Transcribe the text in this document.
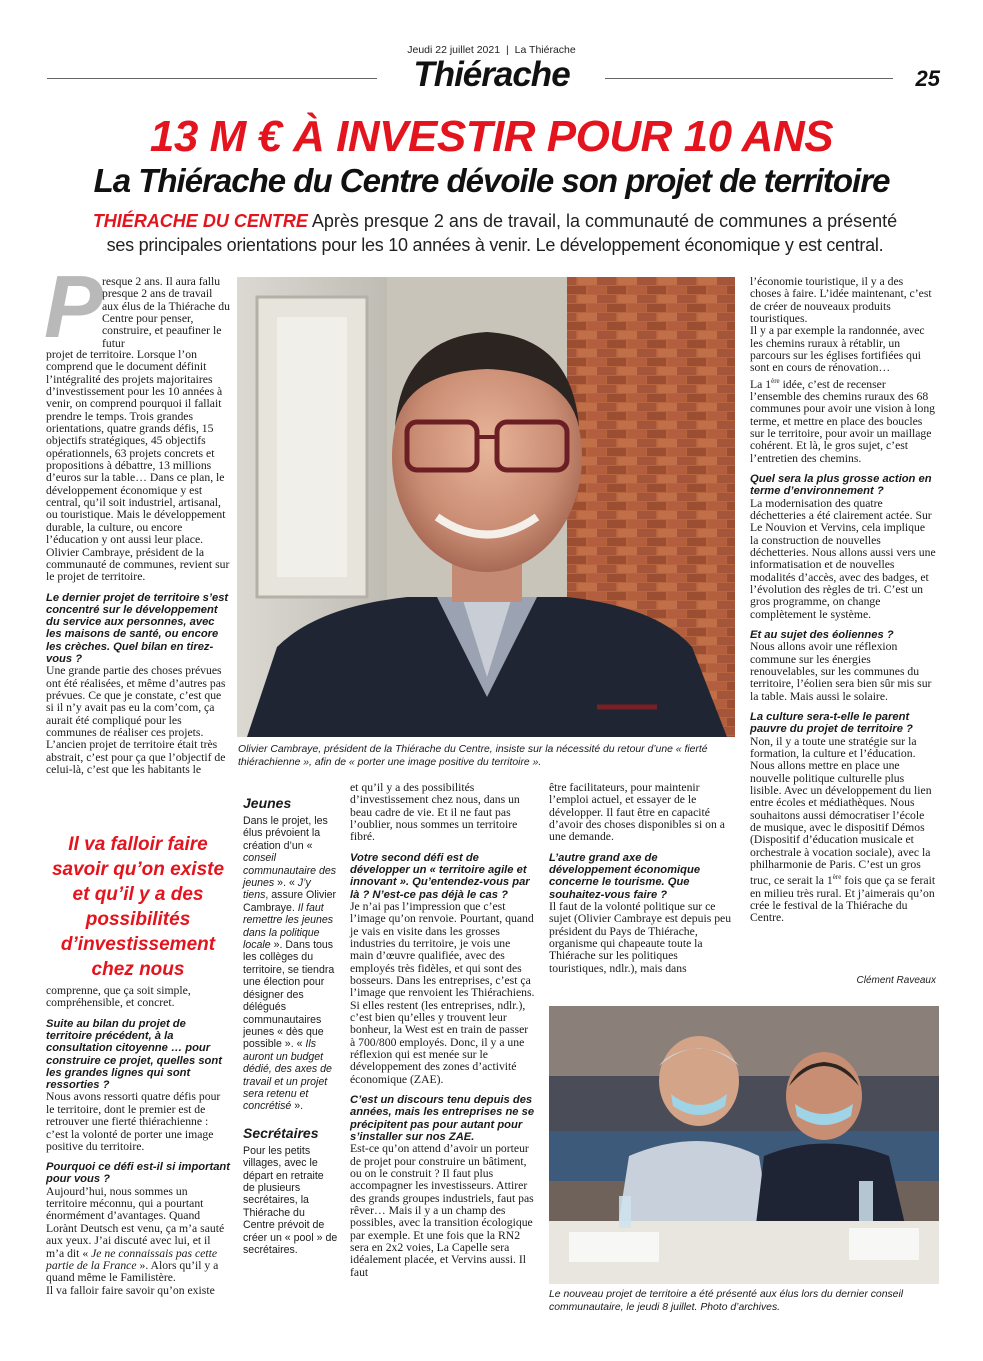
Jeudi 22 juillet 2021 | La Thiérache
Thiérache	25
13 M € À INVESTIR POUR 10 ANS
La Thiérache du Centre dévoile son projet de territoire
THIÉRACHE DU CENTRE Après presque 2 ans de travail, la communauté de communes a présenté
ses principales orientations pour les 10 années à venir. Le développement économique y est central.
P resque 2 ans. Il aura fallu presque 2 ans de travail aux élus de la Thiérache du Centre pour penser, construire, et peaufiner le futur

projet de territoire. Lorsque l’on comprend que le document définit l’intégralité des projets majoritaires d’investissement pour les 10 années à venir, on comprend pourquoi il fallait prendre le temps. Trois grandes orientations, quatre grands défis, 15 objectifs stratégiques, 45 objectifs opérationnels, 63 projets concrets et propositions à débattre, 13 millions d’euros sur la table… Dans ce plan, le développement économique y est central, qu’il soit industriel, artisanal, ou touristique. Mais le développement durable, la culture, ou encore l’éducation y ont aussi leur place. Olivier Cambraye, président de la communauté de communes, revient sur le projet de territoire.

Le dernier projet de territoire s’est concentré sur le développement du service aux personnes, avec les maisons de santé, ou encore les crèches. Quel bilan en tirez-vous ?

Une grande partie des choses prévues ont été réalisées, et même d’autres pas prévues. Ce que je constate, c’est que si il n’y avait pas eu la com’com, ça aurait été compliqué pour les communes de réaliser ces projets. L’ancien projet de territoire était très abstrait, c’est pour ça que l’objectif de celui-là, c’est que les habitants le

Il va falloir faire savoir qu’on existe et qu’il y a des possibilités d’investissement chez nous

comprenne, que ça soit simple, compréhensible, et concret.

Suite au bilan du projet de territoire précédent, à la consultation citoyenne … pour construire ce projet, quelles sont les grandes lignes qui sont ressorties ?

Nous avons ressorti quatre défis pour le territoire, dont le premier est de retrouver une fierté thiérachienne : c’est la volonté de porter une image positive du territoire.

Pourquoi ce défi est-il si important pour vous ?

Aujourd’hui, nous sommes un territoire méconnu, qui a pourtant énormément d’avantages. Quand Lorànt Deutsch est venu, ça m’a sauté aux yeux. J’ai discuté avec lui, et il m’a dit « Je ne connaissais pas cette partie de la France ». Alors qu’il y a quand même le Familistère.

Il va falloir faire savoir qu’on existe

Olivier Cambraye, président de la Thiérache du Centre, insiste sur la nécessité du retour d’une « fierté thiérachienne », afin de « porter une image positive du territoire ».
Jeunes
Dans le projet, les élus prévoient la création d’un « conseil communautaire des jeunes ». « J’y tiens, assure Olivier Cambraye. Il faut remettre les jeunes dans la politique locale ». Dans tous les collèges du territoire, se tiendra une élection pour désigner des délégués communautaires jeunes « dès que possible ». « Ils auront un budget dédié, des axes de travail et un projet sera retenu et concrétisé ».
Secrétaires
Pour les petits villages, avec le départ en retraite de plusieurs secrétaires, la Thiérache du Centre prévoit de créer un « pool » de secrétaires.

et qu’il y a des possibilités d’investissement chez nous, dans un beau cadre de vie. Et il ne faut pas l’oublier, nous sommes un territoire fibré.

Votre second défi est de développer un « territoire agile et innovant ». Qu’entendez-vous par là ? N’est-ce pas déjà le cas ?

Je n’ai pas l’impression que c’est l’image qu’on renvoie. Pourtant, quand je vais en visite dans les grosses industries du territoire, je vois une main d’œuvre qualifiée, avec des employés très fidèles, et qui sont des bosseurs. Dans les entreprises, c’est ça l’image que renvoient les Thiérachiens. Si elles restent (les entreprises, ndlr.), c’est bien qu’elles y trouvent leur bonheur, la West est en train de passer à 700/800 employés. Donc, il y a une réflexion qui est menée sur le développement des zones d’activité économique (ZAE).

C’est un discours tenu depuis des années, mais les entreprises ne se précipitent pas pour autant pour s’installer sur nos ZAE.

Est-ce qu’on attend d’avoir un porteur de projet pour construire un bâtiment, ou on le construit ? Il faut plus accompagner les investisseurs. Attirer des grands groupes industriels, faut pas rêver… Mais il y a un champ des possibles, avec la transition écologique par exemple. Et une fois que la RN2 sera en 2x2 voies, La Capelle sera idéalement placée, et Vervins aussi. Il faut

être facilitateurs, pour maintenir l’emploi actuel, et essayer de le développer. Il faut être en capacité d’avoir des choses disponibles si on a une demande.

L’autre grand axe de développement économique concerne le tourisme. Que souhaitez-vous faire ?

Il faut de la volonté politique sur ce sujet (Olivier Cambraye est depuis peu président du Pays de Thiérache, organisme qui chapeaute toute la Thiérache sur les politiques touristiques, ndlr.), mais dans

Le nouveau projet de territoire a été présenté aux élus lors du dernier conseil communautaire, le jeudi 8 juillet. Photo d’archives.

l’économie touristique, il y a des choses à faire. L’idée maintenant, c’est de créer de nouveaux produits touristiques.

Il y a par exemple la randonnée, avec les chemins ruraux à rétablir, un parcours sur les églises fortifiées qui sont en cours de rénovation…

La 1ère idée, c’est de recenser l’ensemble des chemins ruraux des 68 communes pour avoir une vision à long terme, et mettre en place des boucles sur le territoire, pour avoir un maillage cohérent. Et là, le gros sujet, c’est l’entretien des chemins.

Quel sera la plus grosse action en terme d’environnement ?

La modernisation des quatre déchetteries a été clairement actée. Sur Le Nouvion et Vervins, cela implique la construction de nouvelles déchetteries. Nous allons aussi vers une informatisation et de nouvelles modalités d’accès, avec des badges, et l’évolution des règles de tri. C’est un gros programme, on change complètement le système.

Et au sujet des éoliennes ?

Nous allons avoir une réflexion commune sur les énergies renouvelables, sur les communes du territoire, l’éolien sera bien sûr mis sur la table. Mais aussi le solaire.

La culture sera-t-elle le parent pauvre du projet de territoire ?

Non, il y a toute une stratégie sur la formation, la culture et l’éducation. Nous allons mettre en place une nouvelle politique culturelle plus lisible. Avec un développement du lien entre écoles et médiathèques. Nous souhaitons aussi démocratiser l’école de musique, avec le dispositif Démos (Dispositif d’éducation musicale et orchestrale à vocation sociale), avec la philharmonie de Paris. C’est un gros truc, ce serait la 1ère fois que ça se ferait en milieu très rural. Et j’aimerais qu’on crée le festival de la Thiérache du Centre.

Clément Raveaux
